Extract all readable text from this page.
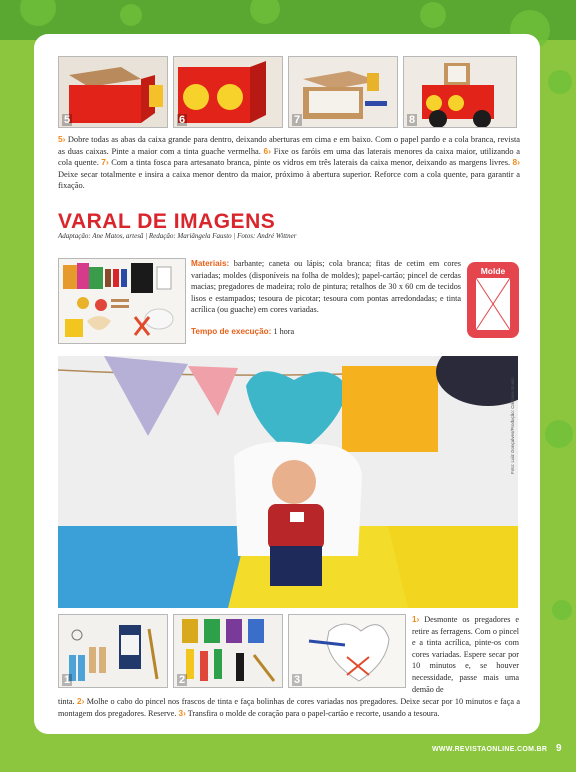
5	6	7	8
5› Dobre todas as abas da caixa grande para dentro, deixando aberturas em cima e em baixo. Com o papel pardo e a cola branca, revista as duas caixas. Pinte a maior com a tinta guache vermelha. 6› Fixe os faróis em uma das laterais menores da caixa maior, utilizando a cola quente. 7› Com a tinta fosca para artesanato branca, pinte os vidros em três laterais da caixa menor, deixando as margens livres. 8› Deixe secar totalmente e insira a caixa menor dentro da maior, próximo à abertura superior. Reforce com a cola quente, para garantir a fixação.
VARAL DE IMAGENS
Adaptação: Ane Matos, artesã | Redação: Mariângela Fausto | Fotos: André Wittner
Materiais: barbante; caneta ou lápis; cola branca; fitas de cetim em cores variadas; moldes (disponíveis na folha de moldes); papel-cartão; pincel de cerdas macias; pregadores de madeira; rolo de pintura; retalhos de 30 x 60 cm de tecidos lisos e estampados; tesoura de picotar; tesoura com pontas arredondadas; e tinta acrílica (ou guache) em cores variadas.
Tempo de execução: 1 hora
Molde
Foto: Luiz Gonçalves/Produção: Cristiane Bonilo
1	2	3
1› Desmonte os pregadores e retire as ferragens. Com o pincel e a tinta acrílica, pinte-os com cores variadas. Espere secar por 10 minutos e, se houver necessidade, passe mais uma demão de
tinta. 2› Molhe o cabo do pincel nos frascos de tinta e faça bolinhas de cores variadas nos pregadores. Deixe secar por 10 minutos e faça a montagem dos pregadores. Reserve. 3› Transfira o molde de coração para o papel-cartão e recorte, usando a tesoura.
WWW.REVISTAONLINE.COM.BR 9
